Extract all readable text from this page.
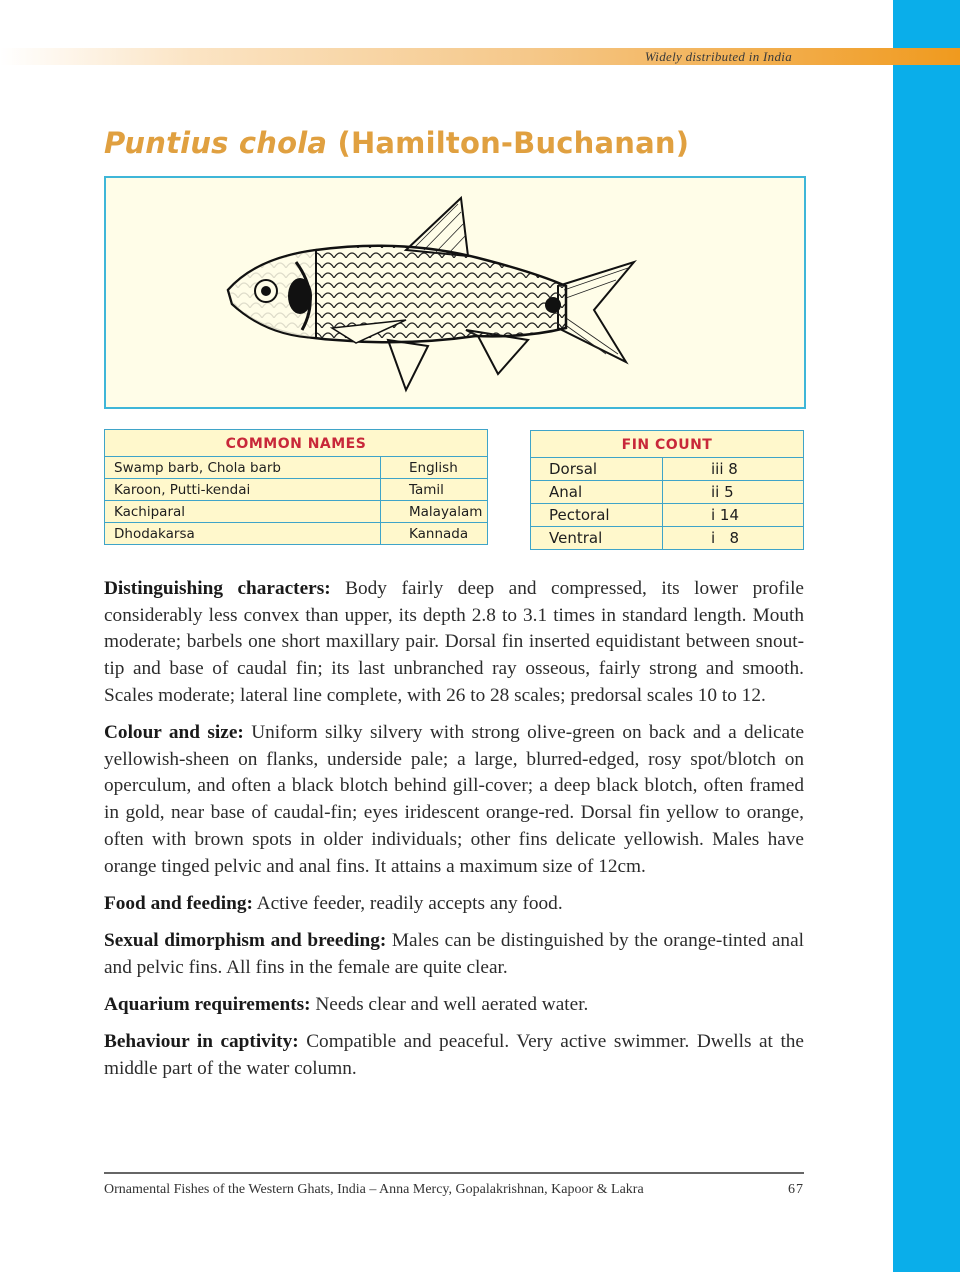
Widely distributed in India
Puntius chola (Hamilton-Buchanan)
COMMON NAMES	
Swamp barb, Chola barb	English
Karoon, Putti-kendai	Tamil
Kachiparal	Malayalam
Dhodakarsa	Kannada
FIN COUNT	
Dorsal	iii 8
Anal	ii 5
Pectoral	i 14
Ventral	i   8

Distinguishing characters: Body fairly deep and compressed, its lower profile considerably less convex than upper, its depth 2.8 to 3.1 times in standard length. Mouth moderate; barbels one short maxillary pair. Dorsal fin inserted equidistant between snout-tip and base of caudal fin; its last unbranched ray osseous, fairly strong and smooth. Scales moderate; lateral line complete, with 26 to 28 scales; predorsal scales 10 to 12.

Colour and size: Uniform silky silvery with strong olive-green on back and a delicate yellowish-sheen on flanks, underside pale; a large, blurred-edged, rosy spot/blotch on operculum, and often a black blotch behind gill-cover; a deep black blotch, often framed in gold, near base of caudal-fin; eyes iridescent orange-red. Dorsal fin yellow to orange, often with brown spots in older individuals; other fins delicate yellowish. Males have orange tinged pelvic and anal fins. It attains a maximum size of 12cm.

Food and feeding: Active feeder, readily accepts any food.

Sexual dimorphism and breeding: Males can be distinguished by the orange-tinted anal and pelvic fins. All fins in the female are quite clear.

Aquarium requirements: Needs clear and well aerated water.

Behaviour in captivity: Compatible and peaceful. Very active swimmer. Dwells at the middle part of the water column.

Ornamental Fishes of the Western Ghats, India – Anna Mercy, Gopalakrishnan, Kapoor & Lakra	67
